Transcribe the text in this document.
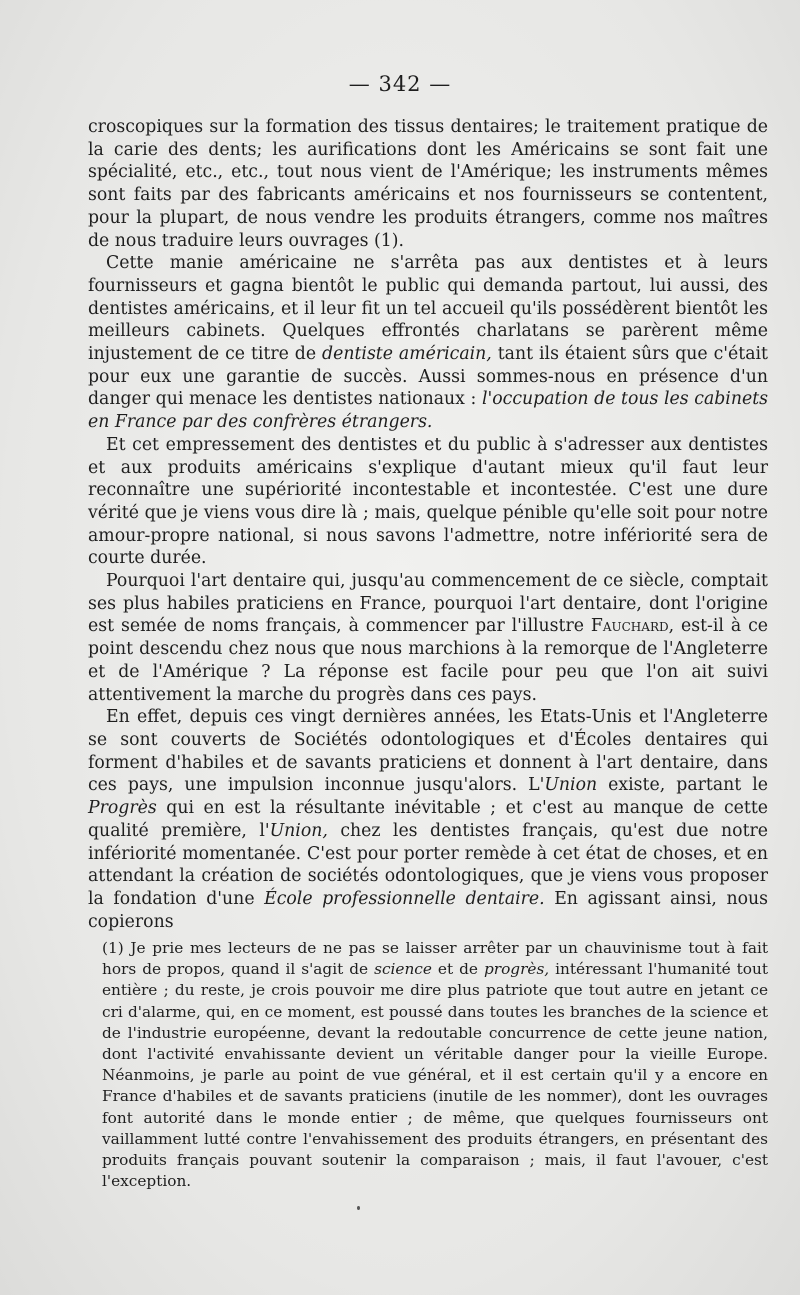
— 342 —

croscopiques sur la formation des tissus dentaires; le traitement pratique de la carie des dents; les aurifications dont les Américains se sont fait une spécialité, etc., etc., tout nous vient de l'Amérique; les instruments mêmes sont faits par des fabricants américains et nos fournisseurs se contentent, pour la plupart, de nous vendre les produits étrangers, comme nos maîtres de nous traduire leurs ouvrages (1).

Cette manie américaine ne s'arrêta pas aux dentistes et à leurs fournisseurs et gagna bientôt le public qui demanda partout, lui aussi, des dentistes américains, et il leur fit un tel accueil qu'ils possédèrent bientôt les meilleurs cabinets. Quelques effrontés charlatans se parèrent même injustement de ce titre de dentiste américain, tant ils étaient sûrs que c'était pour eux une garantie de succès. Aussi sommes-nous en présence d'un danger qui menace les dentistes nationaux : l'occupation de tous les cabinets en France par des confrères étrangers.

Et cet empressement des dentistes et du public à s'adresser aux dentistes et aux produits américains s'explique d'autant mieux qu'il faut leur reconnaître une supériorité incontestable et incontestée. C'est une dure vérité que je viens vous dire là ; mais, quelque pénible qu'elle soit pour notre amour-propre national, si nous savons l'admettre, notre infériorité sera de courte durée.

Pourquoi l'art dentaire qui, jusqu'au commencement de ce siècle, comptait ses plus habiles praticiens en France, pourquoi l'art dentaire, dont l'origine est semée de noms français, à commencer par l'illustre Fauchard, est-il à ce point descendu chez nous que nous marchions à la remorque de l'Angleterre et de l'Amérique ? La réponse est facile pour peu que l'on ait suivi attentivement la marche du progrès dans ces pays.

En effet, depuis ces vingt dernières années, les Etats-Unis et l'Angleterre se sont couverts de Sociétés odontologiques et d'Écoles dentaires qui forment d'habiles et de savants praticiens et donnent à l'art dentaire, dans ces pays, une impulsion inconnue jusqu'alors. L'Union existe, partant le Progrès qui en est la résultante inévitable ; et c'est au manque de cette qualité première, l'Union, chez les dentistes français, qu'est due notre infériorité momentanée. C'est pour porter remède à cet état de choses, et en attendant la création de sociétés odontologiques, que je viens vous proposer la fondation d'une École professionnelle dentaire. En agissant ainsi, nous copierons

(1) Je prie mes lecteurs de ne pas se laisser arrêter par un chauvinisme tout à fait hors de propos, quand il s'agit de science et de progrès, intéressant l'humanité tout entière ; du reste, je crois pouvoir me dire plus patriote que tout autre en jetant ce cri d'alarme, qui, en ce moment, est poussé dans toutes les branches de la science et de l'industrie européenne, devant la redoutable concurrence de cette jeune nation, dont l'activité envahissante devient un véritable danger pour la vieille Europe. Néanmoins, je parle au point de vue général, et il est certain qu'il y a encore en France d'habiles et de savants praticiens (inutile de les nommer), dont les ouvrages font autorité dans le monde entier ; de même, que quelques fournisseurs ont vaillamment lutté contre l'envahissement des produits étrangers, en présentant des produits français pouvant soutenir la comparaison ; mais, il faut l'avouer, c'est l'exception.
